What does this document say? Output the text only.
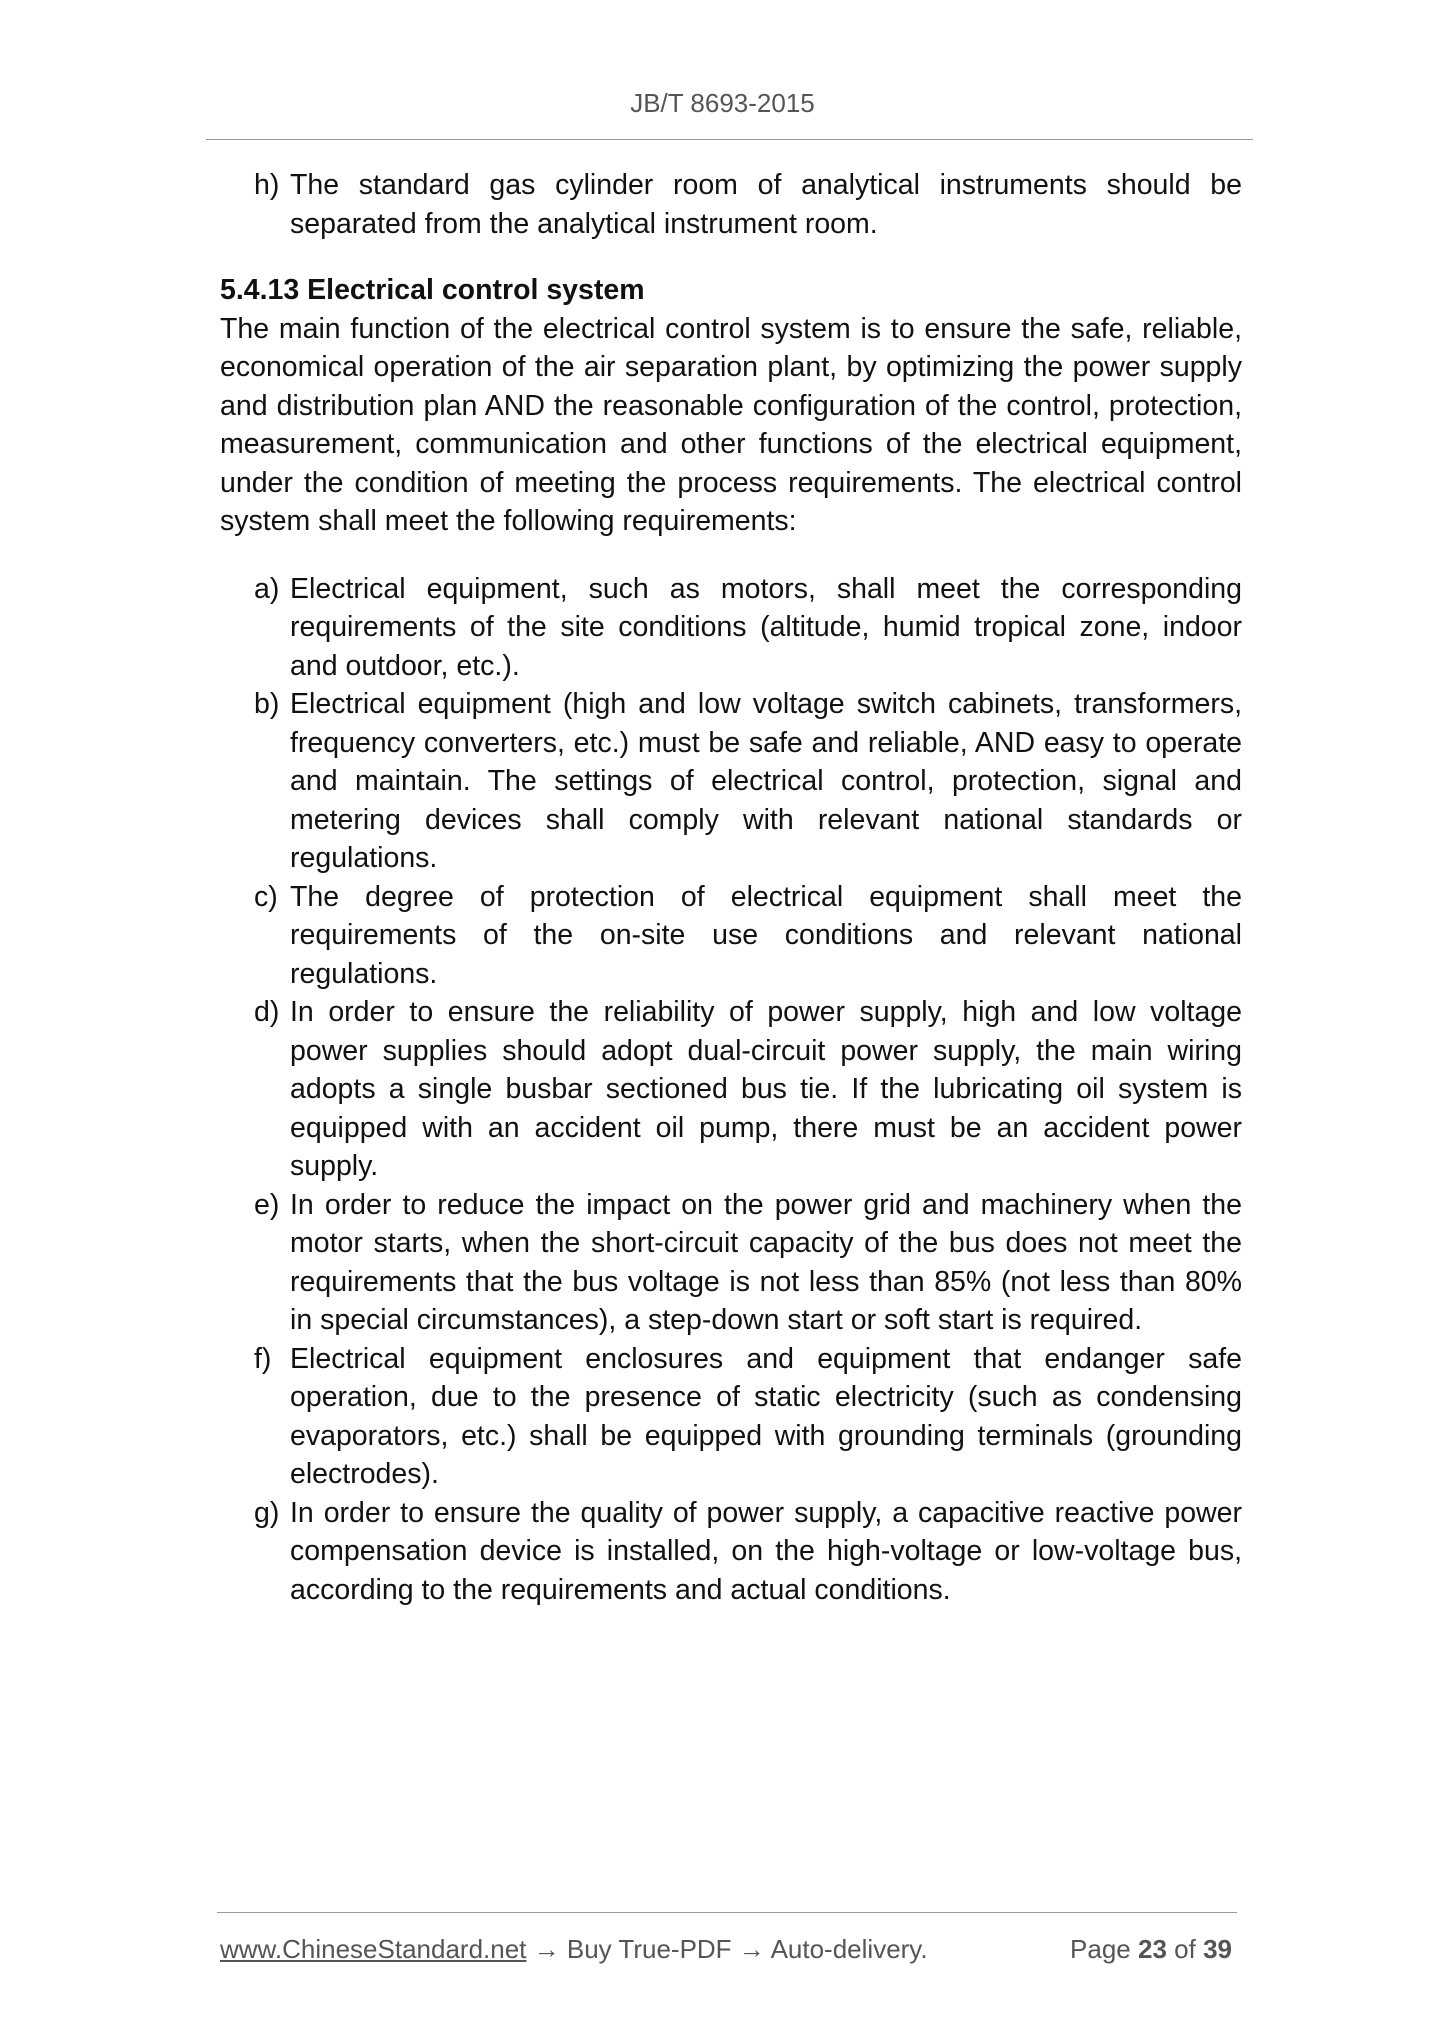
JB/T 8693-2015

h) The standard gas cylinder room of analytical instruments should be separated from the analytical instrument room.

5.4.13 Electrical control system

The main function of the electrical control system is to ensure the safe, reliable, economical operation of the air separation plant, by optimizing the power supply and distribution plan AND the reasonable configuration of the control, protection, measurement, communication and other functions of the electrical equipment, under the condition of meeting the process requirements. The electrical control system shall meet the following requirements:

a) Electrical equipment, such as motors, shall meet the corresponding requirements of the site conditions (altitude, humid tropical zone, indoor and outdoor, etc.).

b) Electrical equipment (high and low voltage switch cabinets, transformers, frequency converters, etc.) must be safe and reliable, AND easy to operate and maintain. The settings of electrical control, protection, signal and metering devices shall comply with relevant national standards or regulations.

c) The degree of protection of electrical equipment shall meet the requirements of the on-site use conditions and relevant national regulations.

d) In order to ensure the reliability of power supply, high and low voltage power supplies should adopt dual-circuit power supply, the main wiring adopts a single busbar sectioned bus tie. If the lubricating oil system is equipped with an accident oil pump, there must be an accident power supply.

e) In order to reduce the impact on the power grid and machinery when the motor starts, when the short-circuit capacity of the bus does not meet the requirements that the bus voltage is not less than 85% (not less than 80% in special circumstances), a step-down start or soft start is required.

f) Electrical equipment enclosures and equipment that endanger safe operation, due to the presence of static electricity (such as condensing evaporators, etc.) shall be equipped with grounding terminals (grounding electrodes).

g) In order to ensure the quality of power supply, a capacitive reactive power compensation device is installed, on the high-voltage or low-voltage bus, according to the requirements and actual conditions.

www.ChineseStandard.net → Buy True-PDF → Auto-delivery.	Page 23 of 39
